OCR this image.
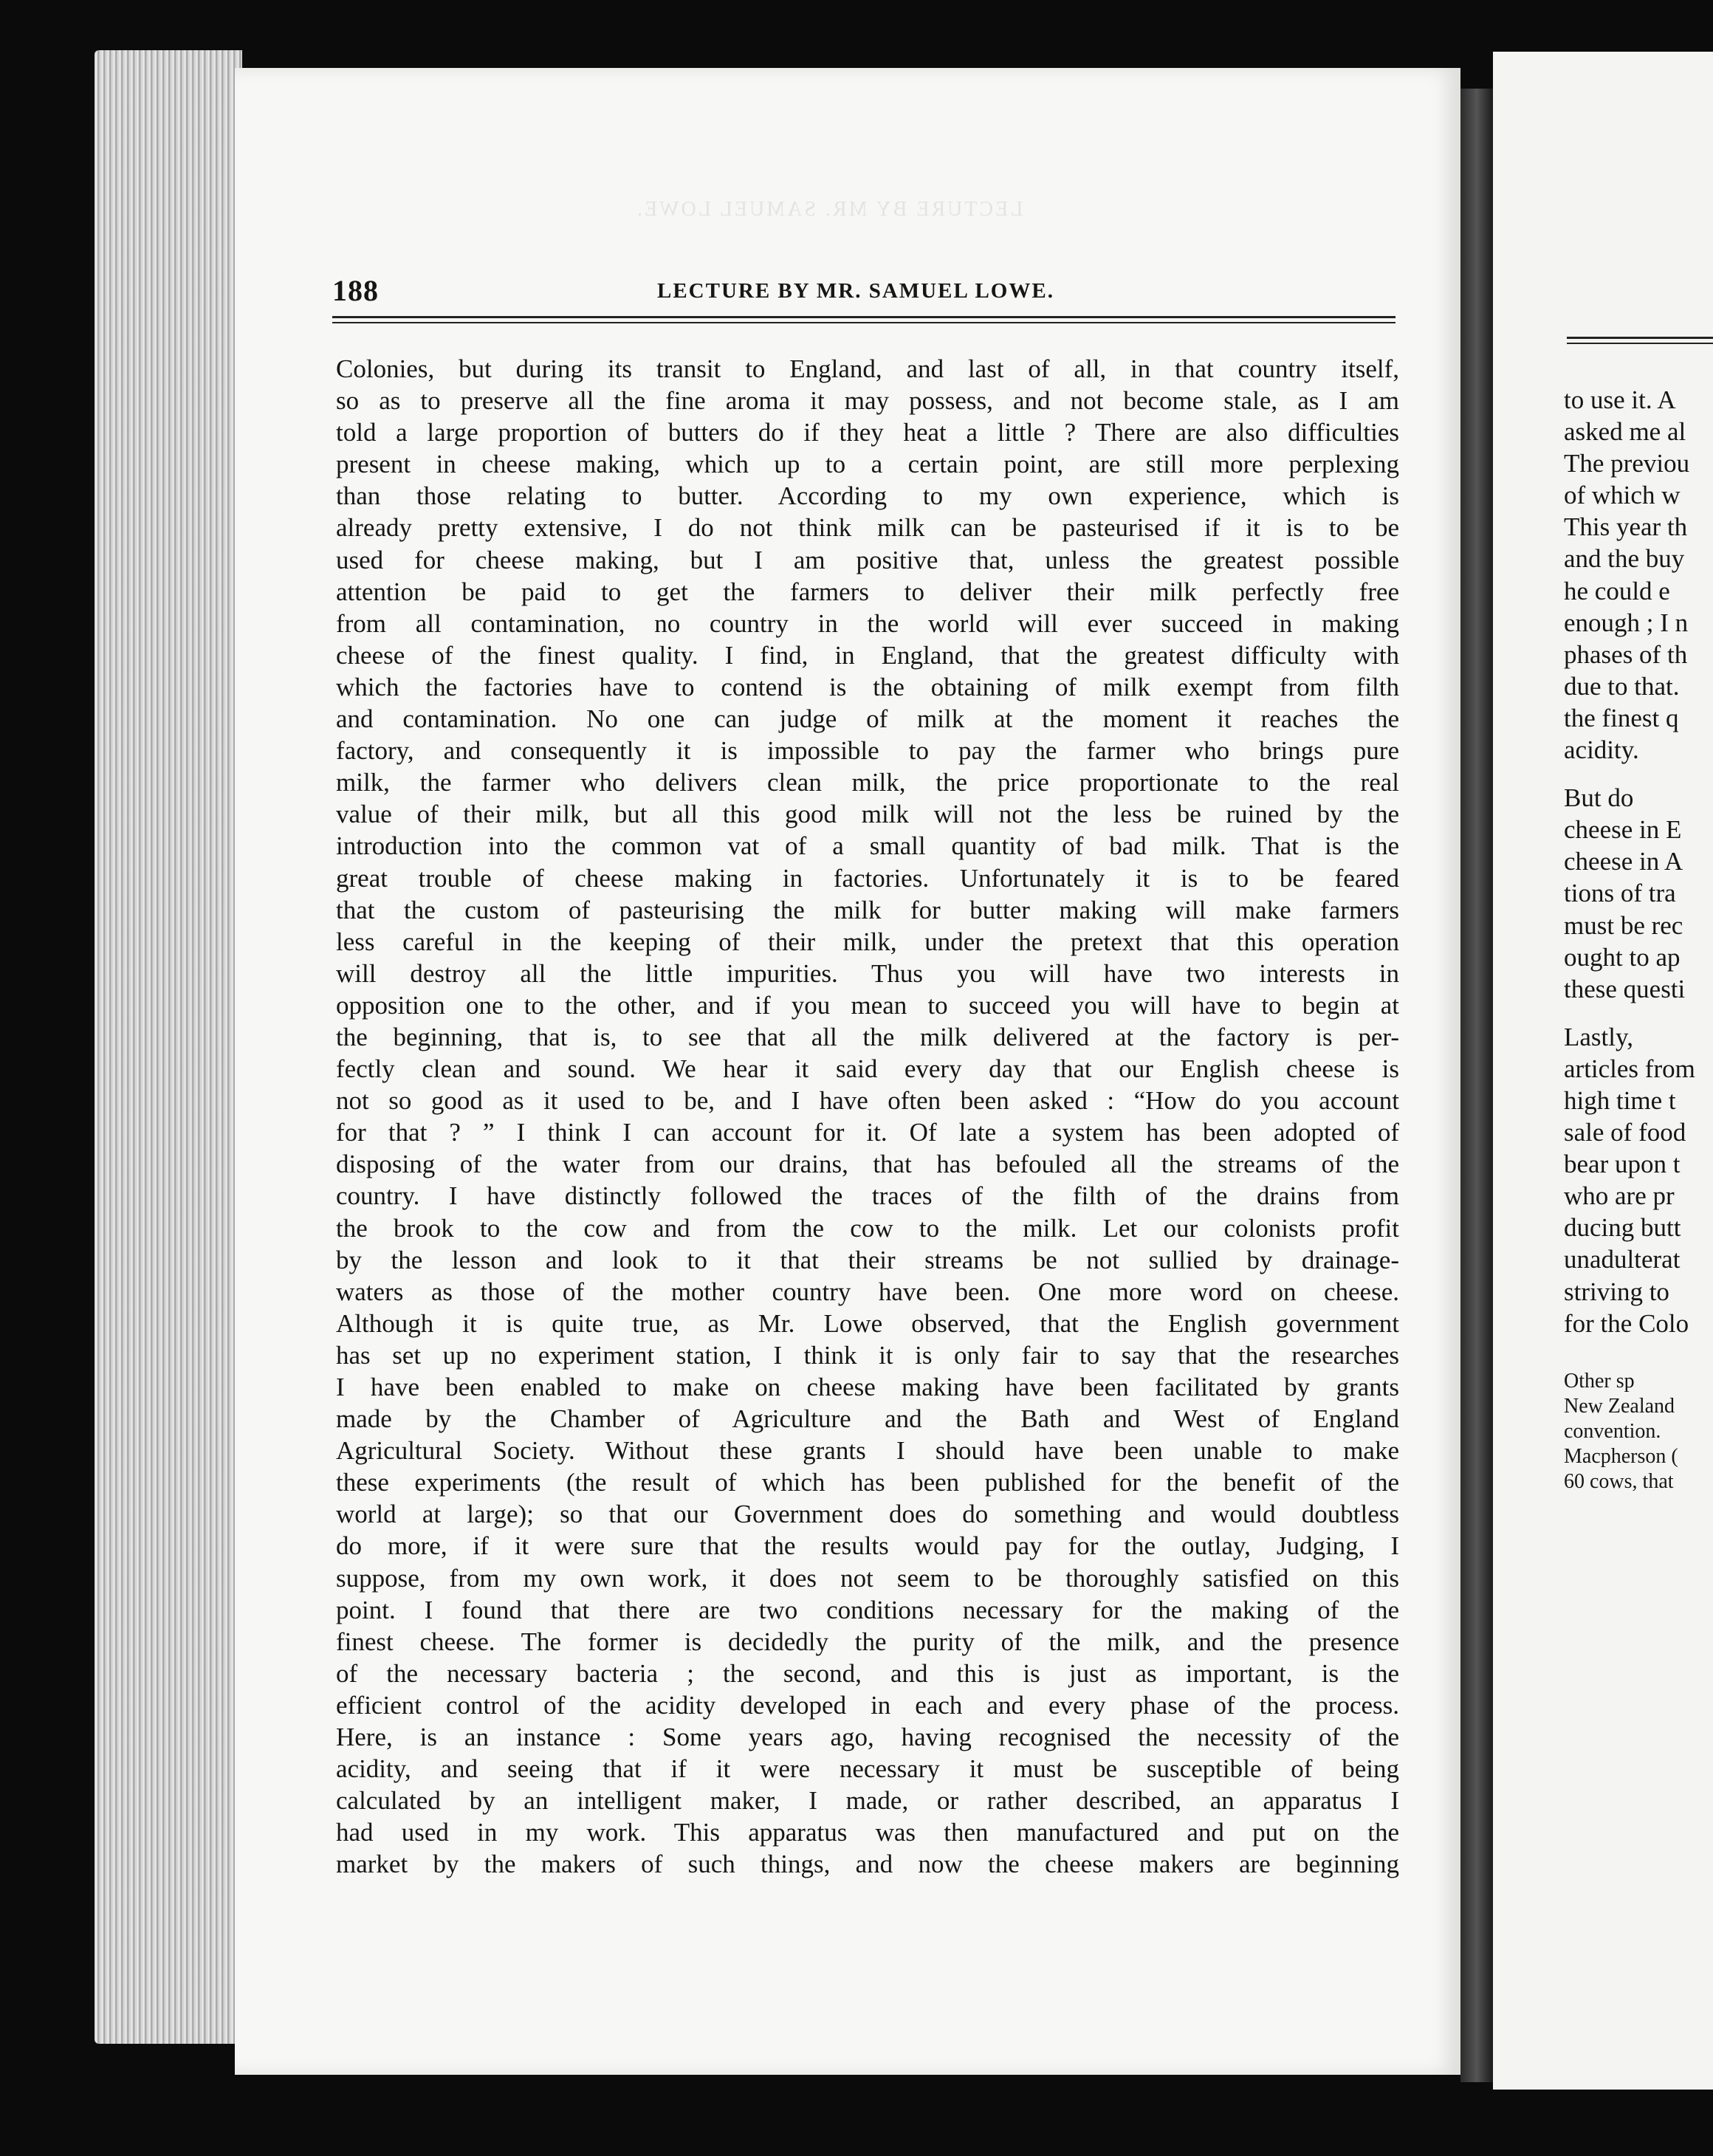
LECTURE BY MR. SAMUEL LOWE.
188	LECTURE BY MR. SAMUEL LOWE.
Colonies, but during its transit to England, and last of all, in that country itself,
so as to preserve all the fine aroma it may possess, and not become stale, as I am
told a large proportion of butters do if they heat a little ? There are also difficulties
present in cheese making, which up to a certain point, are still more perplexing
than those relating to butter. According to my own experience, which is
already pretty extensive, I do not think milk can be pasteurised if it is to be
used for cheese making, but I am positive that, unless the greatest possible
attention be paid to get the farmers to deliver their milk perfectly free
from all contamination, no country in the world will ever succeed in making
cheese of the finest quality. I find, in England, that the greatest difficulty with
which the factories have to contend is the obtaining of milk exempt from filth
and contamination. No one can judge of milk at the moment it reaches the
factory, and consequently it is impossible to pay the farmer who brings pure
milk, the farmer who delivers clean milk, the price proportionate to the real
value of their milk, but all this good milk will not the less be ruined by the
introduction into the common vat of a small quantity of bad milk. That is the
great trouble of cheese making in factories. Unfortunately it is to be feared
that the custom of pasteurising the milk for butter making will make farmers
less careful in the keeping of their milk, under the pretext that this operation
will destroy all the little impurities. Thus you will have two interests in
opposition one to the other, and if you mean to succeed you will have to begin at
the beginning, that is, to see that all the milk delivered at the factory is per-
fectly clean and sound. We hear it said every day that our English cheese is
not so good as it used to be, and I have often been asked : “How do you account
for that ? ” I think I can account for it. Of late a system has been adopted of
disposing of the water from our drains, that has befouled all the streams of the
country. I have distinctly followed the traces of the filth of the drains from
the brook to the cow and from the cow to the milk. Let our colonists profit
by the lesson and look to it that their streams be not sullied by drainage-
waters as those of the mother country have been. One more word on cheese.
Although it is quite true, as Mr. Lowe observed, that the English government
has set up no experiment station, I think it is only fair to say that the researches
I have been enabled to make on cheese making have been facilitated by grants
made by the Chamber of Agriculture and the Bath and West of England
Agricultural Society. Without these grants I should have been unable to make
these experiments (the result of which has been published for the benefit of the
world at large); so that our Government does do something and would doubtless
do more, if it were sure that the results would pay for the outlay, Judging, I
suppose, from my own work, it does not seem to be thoroughly satisfied on this
point. I found that there are two conditions necessary for the making of the
finest cheese. The former is decidedly the purity of the milk, and the presence
of the necessary bacteria ; the second, and this is just as important, is the
efficient control of the acidity developed in each and every phase of the process.
Here, is an instance : Some years ago, having recognised the necessity of the
acidity, and seeing that if it were necessary it must be susceptible of being
calculated by an intelligent maker, I made, or rather described, an apparatus I
had used in my work. This apparatus was then manufactured and put on the
market by the makers of such things, and now the cheese makers are beginning
to use it. A
asked me al
The previou
of which w
This year th
and the buy
he could e
enough ; I n
phases of th
due to that.
the finest q
acidity.
But do
cheese in E
cheese in A
tions of tra
must be rec
ought to ap
these questi
Lastly,
articles from
high time t
sale of food
bear upon t
who are pr
ducing butt
unadulterat
striving to
for the Colo
Other sp
New Zealand
convention.
Macpherson (
60 cows, that
